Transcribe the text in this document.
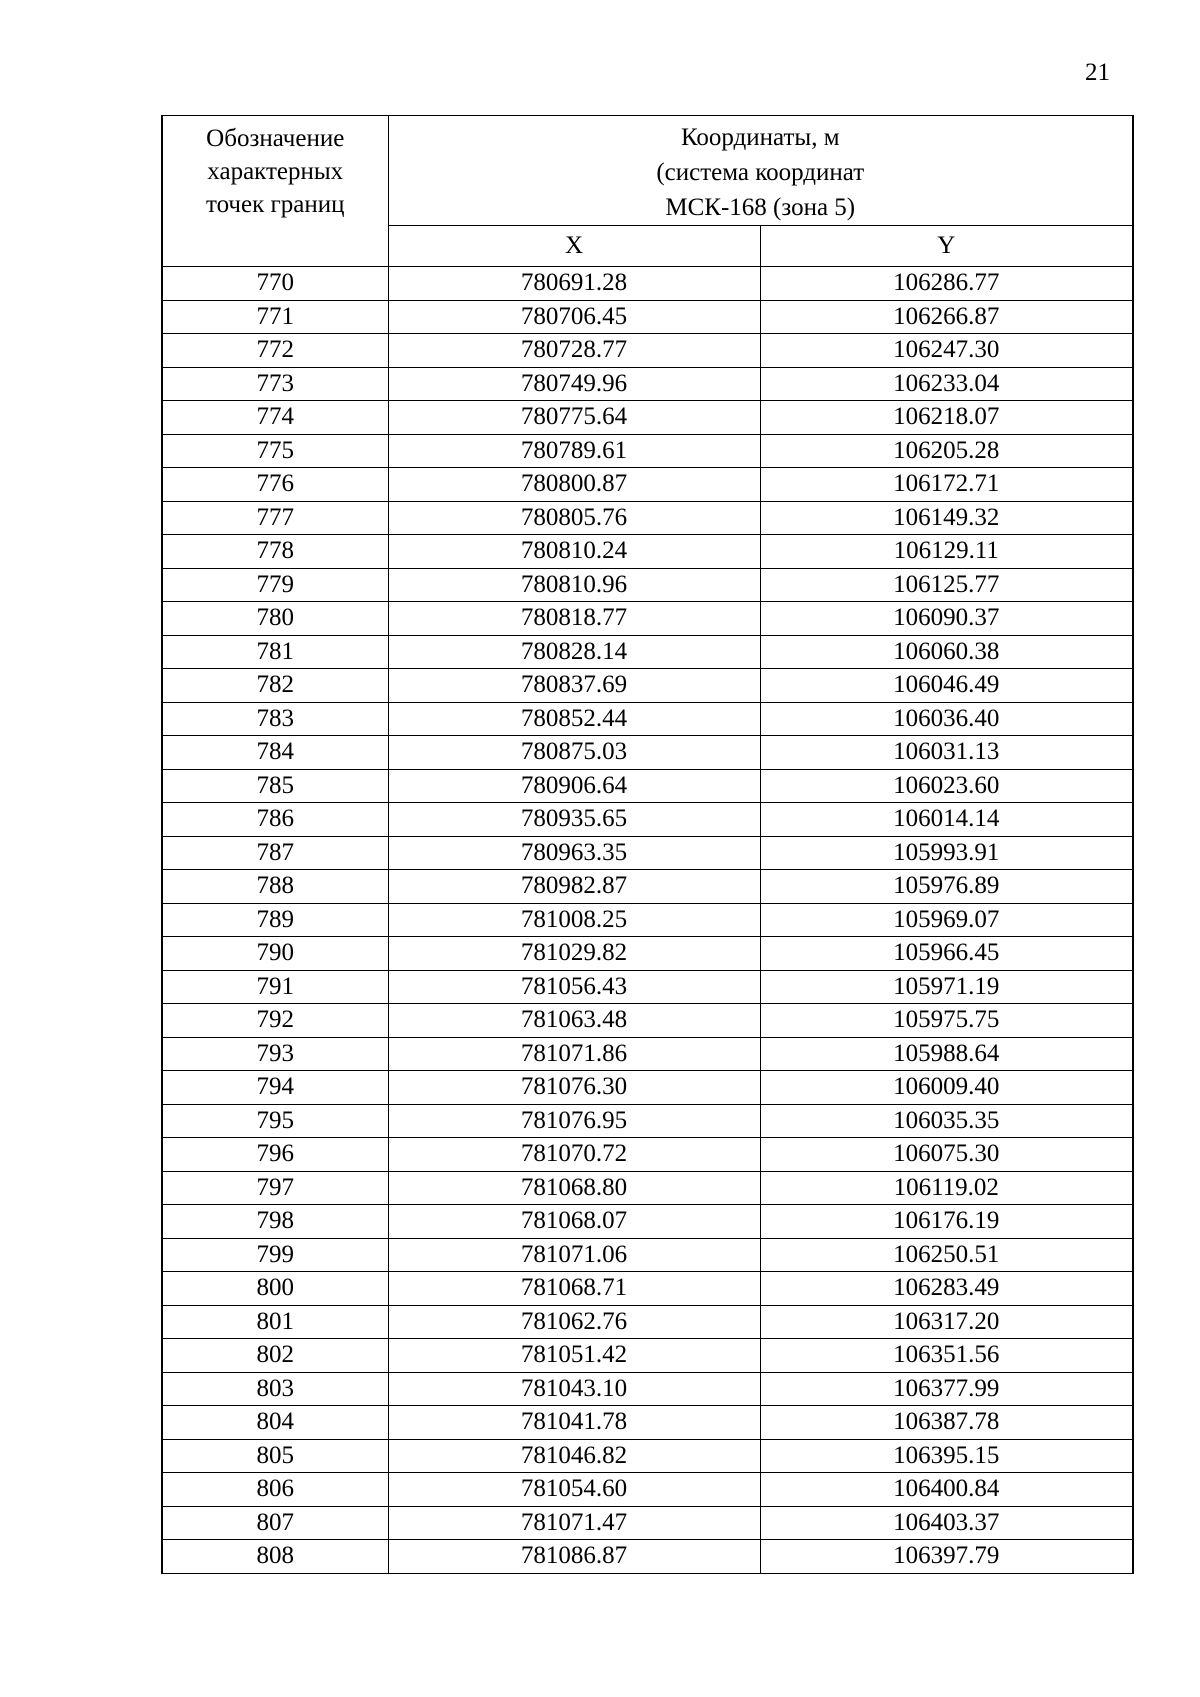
21
Обозначение
характерных
точек границ	Координаты, м
(система координат
МСК-168 (зона 5)	

	X	Y
770	780691.28	106286.77
771	780706.45	106266.87
772	780728.77	106247.30
773	780749.96	106233.04
774	780775.64	106218.07
775	780789.61	106205.28
776	780800.87	106172.71
777	780805.76	106149.32
778	780810.24	106129.11
779	780810.96	106125.77
780	780818.77	106090.37
781	780828.14	106060.38
782	780837.69	106046.49
783	780852.44	106036.40
784	780875.03	106031.13
785	780906.64	106023.60
786	780935.65	106014.14
787	780963.35	105993.91
788	780982.87	105976.89
789	781008.25	105969.07
790	781029.82	105966.45
791	781056.43	105971.19
792	781063.48	105975.75
793	781071.86	105988.64
794	781076.30	106009.40
795	781076.95	106035.35
796	781070.72	106075.30
797	781068.80	106119.02
798	781068.07	106176.19
799	781071.06	106250.51
800	781068.71	106283.49
801	781062.76	106317.20
802	781051.42	106351.56
803	781043.10	106377.99
804	781041.78	106387.78
805	781046.82	106395.15
806	781054.60	106400.84
807	781071.47	106403.37
808	781086.87	106397.79
